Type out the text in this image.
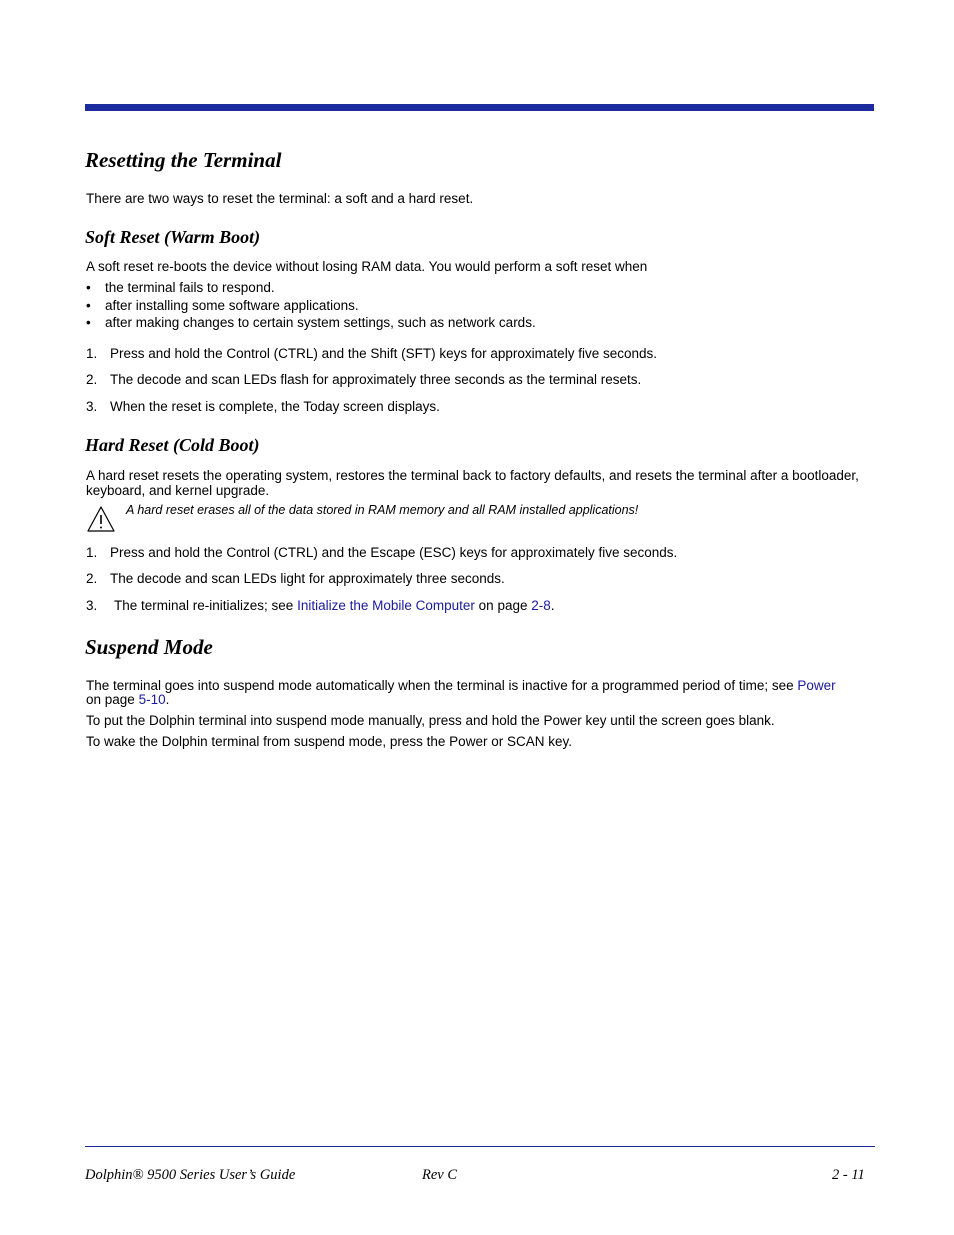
Resetting the Terminal
There are two ways to reset the terminal: a soft and a hard reset.
Soft Reset (Warm Boot)
A soft reset re-boots the device without losing RAM data. You would perform a soft reset when
• the terminal fails to respond.
• after installing some software applications.
• after making changes to certain system settings, such as network cards.
1. Press and hold the Control (CTRL) and the Shift (SFT) keys for approximately five seconds.
2. The decode and scan LEDs flash for approximately three seconds as the terminal resets.
3. When the reset is complete, the Today screen displays.
Hard Reset (Cold Boot)
A hard reset resets the operating system, restores the terminal back to factory defaults, and resets the terminal after a bootloader, keyboard, and kernel upgrade.
A hard reset erases all of the data stored in RAM memory and all RAM installed applications!
1. Press and hold the Control (CTRL) and the Escape (ESC) keys for approximately five seconds.
2. The decode and scan LEDs light for approximately three seconds.
3. The terminal re-initializes; see Initialize the Mobile Computer on page 2-8.
Suspend Mode
The terminal goes into suspend mode automatically when the terminal is inactive for a programmed period of time; see Power
on page 5-10.
To put the Dolphin terminal into suspend mode manually, press and hold the Power key until the screen goes blank.
To wake the Dolphin terminal from suspend mode, press the Power or SCAN key.
Dolphin® 9500 Series User’s Guide	Rev C	2 - 11
